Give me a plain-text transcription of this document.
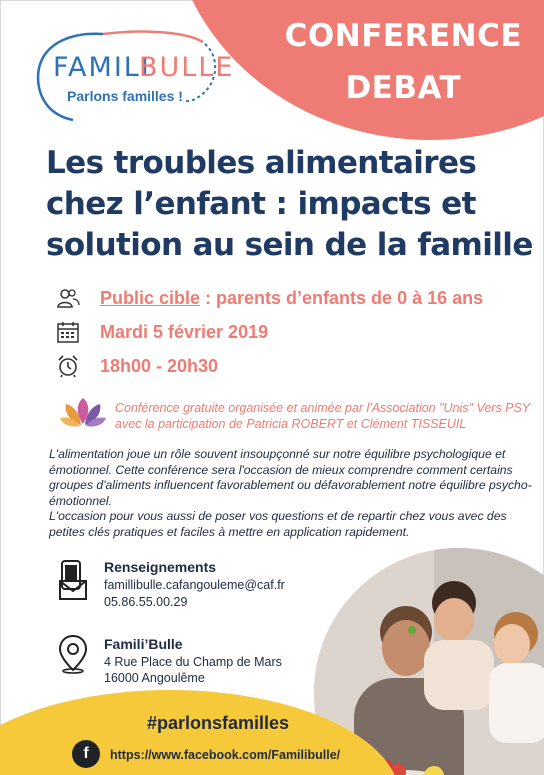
CONFERENCE
DEBAT
FAMILI
BULLE
Parlons familles !
Les troubles alimentaires
chez l’enfant : impacts et
solution au sein de la famille
Public cible : parents d’enfants de 0 à 16 ans
Mardi 5 février 2019
18h00 - 20h30
Conférence gratuite organisée et animée par l'Association "Unis" Vers PSY avec la participation de Patricia ROBERT et Clément TISSEUIL

L'alimentation joue un rôle souvent insoupçonné sur notre équilibre psychologique et émotionnel. Cette conférence sera l'occasion de mieux comprendre comment certains groupes d'aliments influencent favorablement ou défavorablement notre équilibre psycho-émotionnel.

L'occasion pour vous aussi de poser vos questions et de repartir chez vous avec des petites clés pratiques et faciles à mettre en application rapidement.

Renseignements
famillibulle.cafangouleme@caf.fr
05.86.55.00.29
Famili’Bulle
4 Rue Place du Champ de Mars
16000 Angoulême
#parlonsfamilles
f	https://www.facebook.com/Familibulle/
